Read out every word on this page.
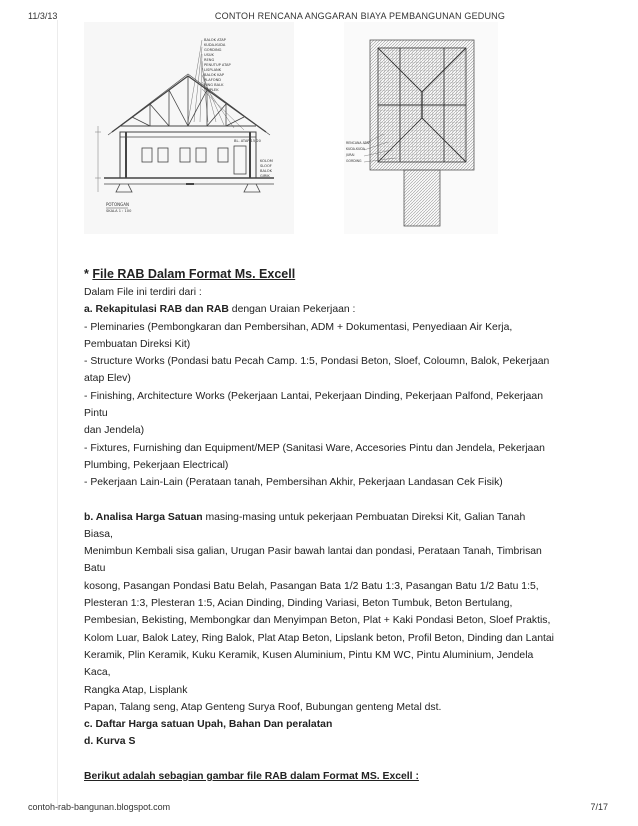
11/3/13	CONTOH RENCANA ANGGARAN BIAYA PEMBANGUNAN GEDUNG
BALOK ATAP
KUDA-KUDA
GORDING
USUK
RENG
PENUTUP ATAP
LISPLANK
BALOK KAP
PLAFOND
RING BALK
TRIPLEK
KOLOM
SLOOF
BALOK
GIRIK
BL. ATAP 15/20
POTONGAN
SKALA 1 : 100
RENCANA ATAP
KUDA-KUDA
JURAI
GORDING

* File RAB Dalam Format Ms. Excell

Dalam File ini terdiri dari :

a. Rekapitulasi RAB dan RAB dengan Uraian Pekerjaan :

- Pleminaries (Pembongkaran dan Pembersihan, ADM + Dokumentasi, Penyediaan Air Kerja,

Pembuatan Direksi Kit)

- Structure Works (Pondasi batu Pecah Camp. 1:5, Pondasi Beton, Sloef, Coloumn, Balok, Pekerjaan

atap Elev)

- Finishing, Architecture Works (Pekerjaan Lantai, Pekerjaan Dinding, Pekerjaan Palfond, Pekerjaan Pintu

dan Jendela)

- Fixtures, Furnishing dan Equipment/MEP (Sanitasi Ware, Accesories Pintu dan Jendela, Pekerjaan

Plumbing, Pekerjaan Electrical)

- Pekerjaan Lain-Lain (Perataan tanah, Pembersihan Akhir, Pekerjaan Landasan Cek Fisik)

b. Analisa Harga Satuan masing-masing untuk pekerjaan Pembuatan Direksi Kit, Galian Tanah Biasa,

Menimbun Kembali sisa galian, Urugan Pasir bawah lantai dan pondasi, Perataan Tanah, Timbrisan Batu

kosong, Pasangan Pondasi Batu Belah, Pasangan Bata 1/2 Batu 1:3, Pasangan Batu 1/2 Batu 1:5,

Plesteran 1:3, Plesteran 1:5, Acian Dinding, Dinding Variasi, Beton Tumbuk, Beton Bertulang,

Pembesian, Bekisting, Membongkar dan Menyimpan Beton, Plat + Kaki Pondasi Beton, Sloef Praktis,

Kolom Luar, Balok Latey, Ring Balok, Plat Atap Beton, Lipslank beton, Profil Beton, Dinding dan Lantai

Keramik, Plin Keramik, Kuku Keramik, Kusen Aluminium, Pintu KM WC, Pintu Aluminium, Jendela Kaca,

Rangka Atap, Lisplank

Papan, Talang seng, Atap Genteng Surya Roof, Bubungan genteng Metal dst.

c. Daftar Harga satuan Upah, Bahan Dan peralatan

d. Kurva S

Berikut adalah sebagian gambar file RAB dalam Format MS. Excell :

contoh-rab-bangunan.blogspot.com	7/17
